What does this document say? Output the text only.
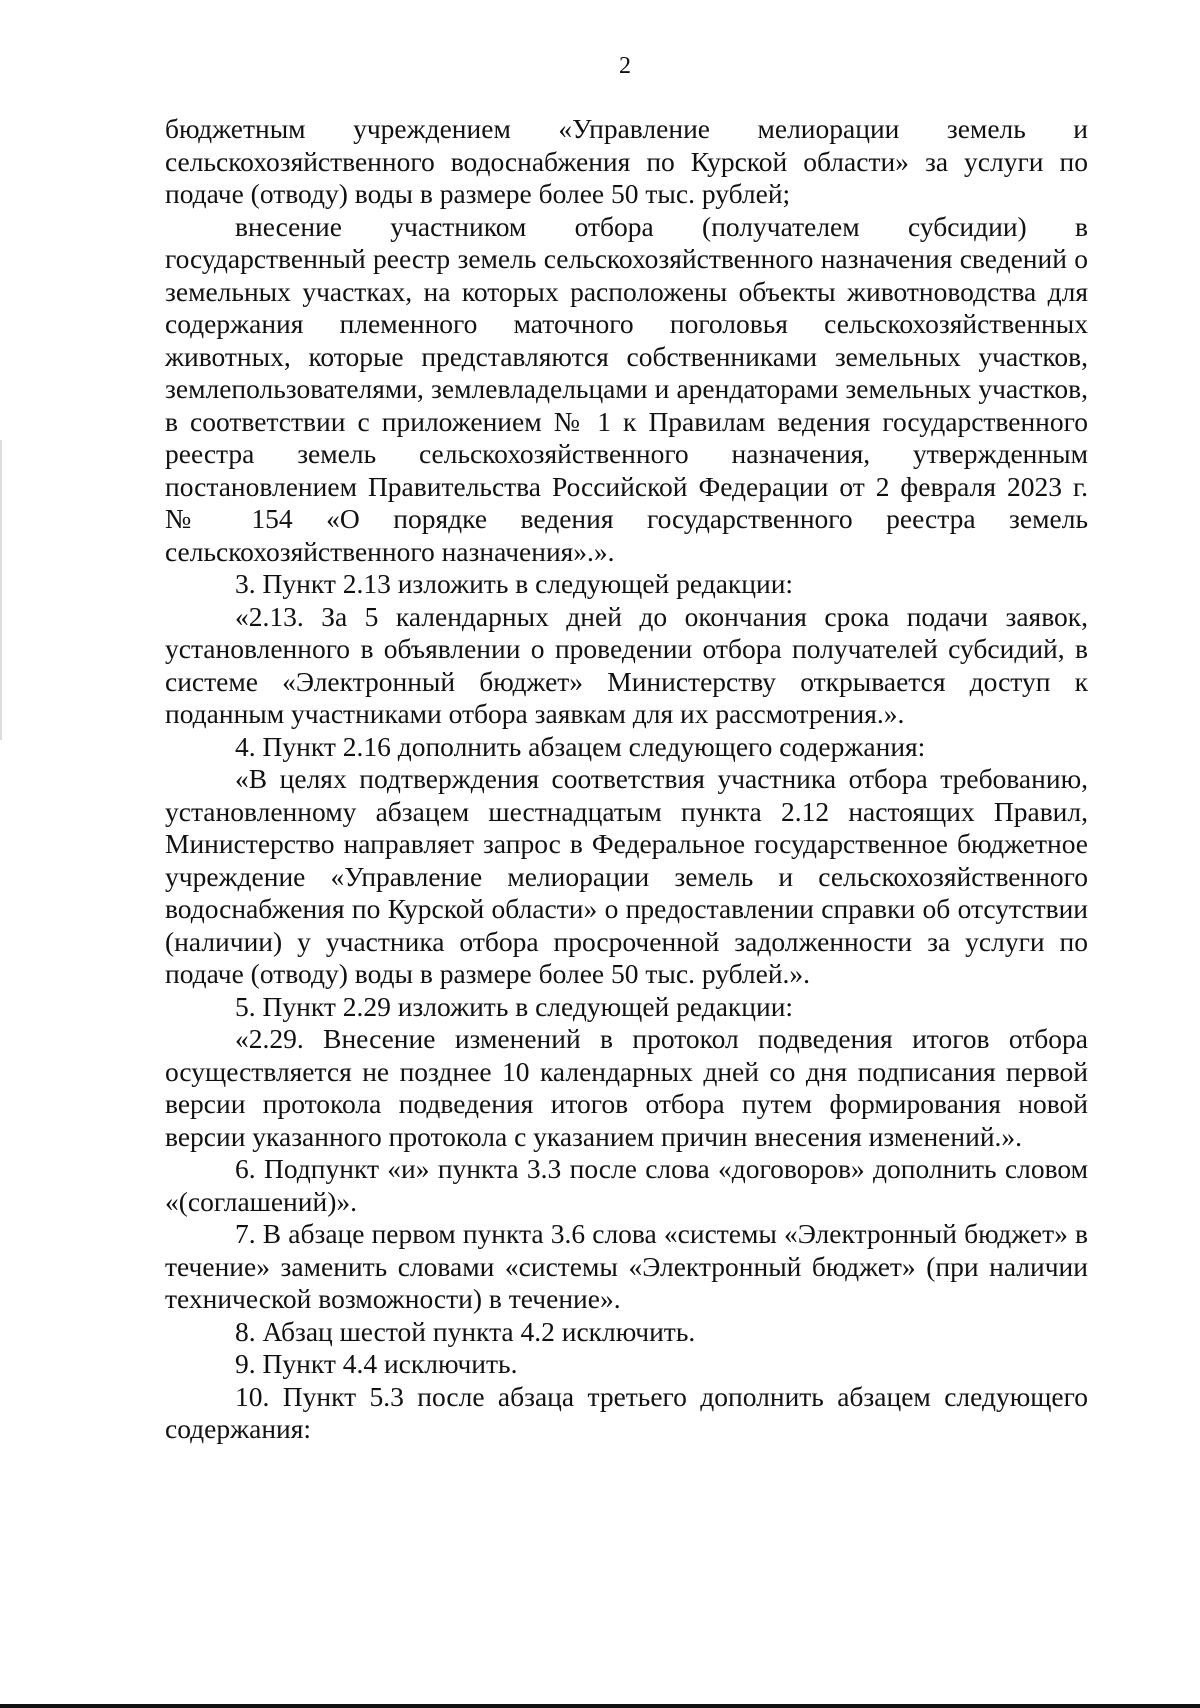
2

бюджетным учреждением «Управление мелиорации земель и сельскохозяйственного водоснабжения по Курской области» за услуги по подаче (отводу) воды в размере более 50 тыс. рублей;

внесение участником отбора (получателем субсидии) в государственный реестр земель сельскохозяйственного назначения сведений о земельных участках, на которых расположены объекты животноводства для содержания племенного маточного поголовья сельскохозяйственных животных, которые представляются собственниками земельных участков, землепользователями, землевладельцами и арендаторами земельных участков, в соответствии с приложением № 1 к Правилам ведения государственного реестра земель сельскохозяйственного назначения, утвержденным постановлением Правительства Российской Федерации от 2 февраля 2023 г. № 154 «О порядке ведения государственного реестра земель сельскохозяйственного назначения».».

3. Пункт 2.13 изложить в следующей редакции:

«2.13. За 5 календарных дней до окончания срока подачи заявок, установленного в объявлении о проведении отбора получателей субсидий, в системе «Электронный бюджет» Министерству открывается доступ к поданным участниками отбора заявкам для их рассмотрения.».

4. Пункт 2.16 дополнить абзацем следующего содержания:

«В целях подтверждения соответствия участника отбора требованию, установленному абзацем шестнадцатым пункта 2.12 настоящих Правил, Министерство направляет запрос в Федеральное государственное бюджетное учреждение «Управление мелиорации земель и сельскохозяйственного водоснабжения по Курской области» о предоставлении справки об отсутствии (наличии) у участника отбора просроченной задолженности за услуги по подаче (отводу) воды в размере более 50 тыс. рублей.».

5. Пункт 2.29 изложить в следующей редакции:

«2.29. Внесение изменений в протокол подведения итогов отбора осуществляется не позднее 10 календарных дней со дня подписания первой версии протокола подведения итогов отбора путем формирования новой версии указанного протокола с указанием причин внесения изменений.».

6. Подпункт «и» пункта 3.3 после слова «договоров» дополнить словом «(соглашений)».

7. В абзаце первом пункта 3.6 слова «системы «Электронный бюджет» в течение» заменить словами «системы «Электронный бюджет» (при наличии технической возможности) в течение».

8. Абзац шестой пункта 4.2 исключить.

9. Пункт 4.4 исключить.

10. Пункт 5.3 после абзаца третьего дополнить абзацем следующего содержания:
